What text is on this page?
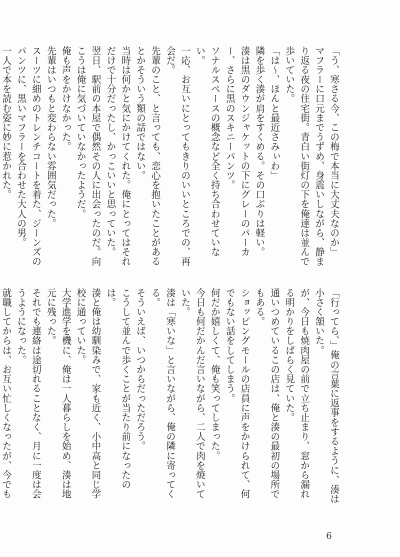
「う、寒さる今、この梅で本当に大丈夫なのか」
マフラーに口元までうずめ、身震いしながら、静まり返る夜の住宅街。青白い街灯の下を俺達は並んで歩いていた。
「は〜、ほんと最近さみぃわ」
隣を歩く湊が肩をすくめる。その口ぶりは軽い。
湊は黒のダウンジャケットの下にグレーのパーカー、さらに黒のスキニーパンツ。
ソナルスペースの概念など全く持ち合わせていない。
一応、お互いにとってもきりのいいところでの、再会だ。
先輩のこと、と言っても、恋心を抱いたことがあるとかそういう類の話ではない。
当時は何かと気にかけてくれた。俺にとってはそれだけで十分だったし、かっこいいと思っていた。
翌日、駅前の本屋で偶然その人に出会ったのだ。向こうは俺に気づいていなかったようだ。
俺も声をかけなかった。
先輩はいつもと変わらない雰囲気だった。
スーツに細めのトレンチコートを着た、ジーンズのパンツに、黒いマフラーを合わせた大人の男。
一人で本を読む姿に妙に惹かれた。

「行ってら、」俺の言葉に返事をするように、湊は小さく頷いた。
が、今日も焼肉屋の前で立ち止まり、窓から漏れる明かりをしばらく見ていた。
通いつめているこの店は、俺と湊の最初の場所でもある。
ショッピングモールの店員に声をかけられて、何でもない話をしてしまう。
何だか嬉しくて、俺も笑ってしまった。
今日も何だかんだ言いながら、二人で肉を焼いていた。
湊は「寒いな」と言いながら、俺の隣に寄ってくる。
そういえば、いつからだっただろう。
こうして並んで歩くことが当たり前になったのは。
湊と俺は幼馴染みで、家も近く、小中高と同じ学校に通っていた。
大学進学を機に、俺は一人暮らしを始め、湊は地元に残った。
それでも連絡は途切れることなく、月に一度は会うようになった。
就職してからは、お互い忙しくなったが、今でも

6
